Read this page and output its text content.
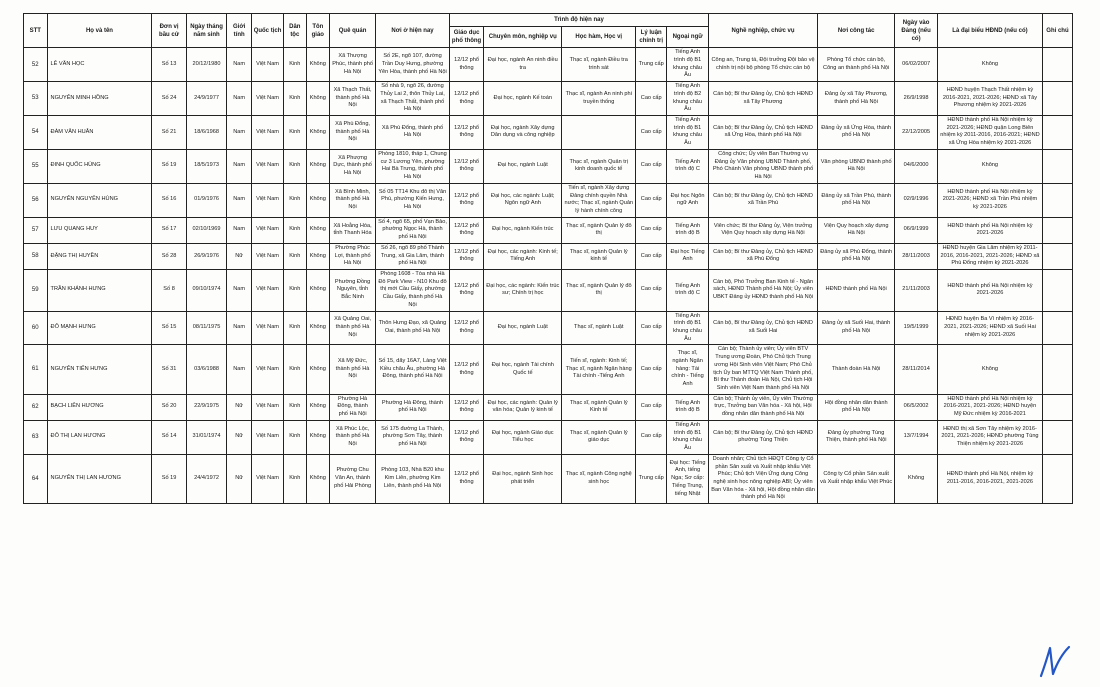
STT	Họ và tên	Đơn vị bầu cử	Ngày tháng năm sinh	Giới tính	Quốc tịch	Dân tộc	Tôn giáo	Quê quán	Nơi ở hiện nay	Trình độ hiện nay					Nghề nghiệp, chức vụ	Nơi công tác	Ngày vào Đảng (nếu có)	Là đại biểu HĐND (nếu có)	Ghi chú
										Giáo dục phổ thông	Chuyên môn, nghiệp vụ	Học hàm, Học vị	Lý luận chính trị	Ngoại ngữ					
52	LÊ VĂN HỌC	Số 13	20/12/1980	Nam	Việt Nam	Kinh	Không	Xã Thượng Phúc, thành phố Hà Nội	Số 2E, ngõ 107, đường Trần Duy Hưng, phường Yên Hòa, thành phố Hà Nội	12/12 phổ thông	Đại học, ngành An ninh điều tra	Thạc sĩ, ngành Điều tra trinh sát	Trung cấp	Tiếng Anh trình độ B1 khung châu Âu	Công an, Trung tá, Đội trưởng Đội bảo vệ chính trị nội bộ phòng Tổ chức cán bộ	Phòng Tổ chức cán bộ, Công an thành phố Hà Nội	06/02/2007	Không	
53	NGUYỄN MINH HỒNG	Số 24	24/9/1977	Nam	Việt Nam	Kinh	Không	Xã Thạch Thất, thành phố Hà Nội	Số nhà 9, ngõ 26, đường Thủy Lai 2, thôn Thủy Lai, xã Thạch Thất, thành phố Hà Nội	12/12 phổ thông	Đại học, ngành Kế toán	Thạc sĩ, ngành An ninh phi truyền thống	Cao cấp	Tiếng Anh trình độ B2 khung châu Âu	Cán bộ; Bí thư Đảng ủy, Chủ tịch HĐND xã Tây Phương	Đảng ủy xã Tây Phương, thành phố Hà Nội	26/9/1998	HĐND huyện Thạch Thất nhiệm kỳ 2016-2021, 2021-2026; HĐND xã Tây Phương nhiệm kỳ 2021-2026	
54	ĐÀM VĂN HUÂN	Số 21	18/6/1968	Nam	Việt Nam	Kinh	Không	Xã Phù Đổng, thành phố Hà Nội	Xã Phù Đổng, thành phố Hà Nội	12/12 phổ thông	Đại học, ngành Xây dựng Dân dụng và công nghiệp		Cao cấp	Tiếng Anh trình độ B1 khung châu Âu	Cán bộ; Bí thư Đảng ủy, Chủ tịch HĐND xã Ứng Hòa, thành phố Hà Nội	Đảng ủy xã Ứng Hòa, thành phố Hà Nội	22/12/2005	HĐND thành phố Hà Nội nhiệm kỳ 2021-2026; HĐND quận Long Biên nhiệm kỳ 2011-2016, 2016-2021; HĐND xã Ứng Hòa nhiệm kỳ 2021-2026	
55	ĐINH QUỐC HÙNG	Số 19	18/5/1973	Nam	Việt Nam	Kinh	Không	Xã Phượng Dực, thành phố Hà Nội	Phòng 1810, tháp 1, Chung cư 3 Lương Yên, phường Hai Bà Trưng, thành phố Hà Nội	12/12 phổ thông	Đại học, ngành Luật	Thạc sĩ, ngành Quản trị kinh doanh quốc tế	Cao cấp	Tiếng Anh trình độ C	Công chức; Ủy viên Ban Thường vụ Đảng ủy Văn phòng UBND Thành phố, Phó Chánh Văn phòng UBND thành phố Hà Nội	Văn phòng UBND thành phố Hà Nội	04/6/2000	Không	
56	NGUYỄN NGUYÊN HÙNG	Số 16	01/9/1976	Nam	Việt Nam	Kinh	Không	Xã Bình Minh, thành phố Hà Nội	Số 05 TT14 Khu đô thị Văn Phú, phường Kiến Hưng, Hà Nội	12/12 phổ thông	Đại học, các ngành: Luật; Ngôn ngữ Anh	Tiến sĩ, ngành Xây dựng Đảng chính quyền Nhà nước; Thạc sĩ, ngành Quản lý hành chính công	Cao cấp	Đại học Ngôn ngữ Anh	Cán bộ; Bí thư Đảng ủy, Chủ tịch HĐND xã Trần Phú	Đảng ủy xã Trần Phú, thành phố Hà Nội	02/9/1996	HĐND thành phố Hà Nội nhiệm kỳ 2021-2026; HĐND xã Trần Phú nhiệm kỳ 2021-2026	
57	LƯU QUANG HUY	Số 17	02/10/1969	Nam	Việt Nam	Kinh	Không	Xã Hoằng Hóa, tỉnh Thanh Hóa	Số 4, ngõ 65, phố Vạn Bảo, phường Ngọc Hà, thành phố Hà Nội	12/12 phổ thông	Đại học, ngành Kiến trúc	Thạc sĩ, ngành Quản lý đô thị	Cao cấp	Tiếng Anh trình độ B	Viên chức; Bí thư Đảng ủy, Viện trưởng Viện Quy hoạch xây dựng Hà Nội	Viện Quy hoạch xây dựng Hà Nội	06/9/1999	HĐND thành phố Hà Nội nhiệm kỳ 2021-2026	
58	ĐẶNG THỊ HUYỀN	Số 28	26/9/1976	Nữ	Việt Nam	Kinh	Không	Phường Phúc Lợi, thành phố Hà Nội	Số 26, ngõ 89 phố Thành Trung, xã Gia Lâm, thành phố Hà Nội	12/12 phổ thông	Đại học, các ngành: Kinh tế; Tiếng Anh	Thạc sĩ, ngành Quản lý kinh tế	Cao cấp	Đại học Tiếng Anh	Cán bộ; Bí thư Đảng ủy, Chủ tịch HĐND xã Phù Đổng	Đảng ủy xã Phù Đổng, thành phố Hà Nội	28/11/2003	HĐND huyện Gia Lâm nhiệm kỳ 2011-2016, 2016-2021, 2021-2026; HĐND xã Phù Đổng nhiệm kỳ 2021-2026	
59	TRẦN KHÁNH HƯNG	Số 8	09/10/1974	Nam	Việt Nam	Kinh	Không	Phường Đồng Nguyên, tỉnh Bắc Ninh	Phòng 1608 - Tòa nhà Hà Đô Park View - N10 Khu đô thị mới Cầu Giấy, phường Cầu Giấy, thành phố Hà Nội	12/12 phổ thông	Đại học, các ngành: Kiến trúc sư; Chính trị học	Thạc sĩ, ngành Quản lý đô thị	Cao cấp	Tiếng Anh trình độ C	Cán bộ, Phó Trưởng Ban Kinh tế - Ngân sách, HĐND Thành phố Hà Nội; Ủy viên UBKT Đảng ủy HĐND thành phố Hà Nội	HĐND thành phố Hà Nội	21/11/2003	HĐND thành phố Hà Nội nhiệm kỳ 2021-2026	
60	ĐỖ MẠNH HƯNG	Số 15	08/11/1975	Nam	Việt Nam	Kinh	Không	Xã Quảng Oai, thành phố Hà Nội	Thôn Hưng Đạo, xã Quảng Oai, thành phố Hà Nội	12/12 phổ thông	Đại học, ngành Luật	Thạc sĩ, ngành Luật	Cao cấp	Tiếng Anh trình độ B1 khung châu Âu	Cán bộ, Bí thư Đảng ủy, Chủ tịch HĐND xã Suối Hai	Đảng ủy xã Suối Hai, thành phố Hà Nội	19/5/1999	HĐND huyện Ba Vì nhiệm kỳ 2016-2021, 2021-2026; HĐND xã Suối Hai nhiệm kỳ 2021-2026	
61	NGUYỄN TIẾN HƯNG	Số 31	03/6/1988	Nam	Việt Nam	Kinh	Không	Xã Mỹ Đức, thành phố Hà Nội	Số 15, dãy 16A7, Làng Việt Kiều châu Âu, phường Hà Đông, thành phố Hà Nội	12/12 phổ thông	Đại học, ngành Tài chính Quốc tế	Tiến sĩ, ngành: Kinh tế; Thạc sĩ, ngành Ngân hàng Tài chính -Tiếng Anh	Cao cấp	Thạc sĩ, ngành Ngân hàng: Tài chính - Tiếng Anh	Cán bộ; Thành ủy viên; Ủy viên BTV Trung ương Đoàn, Phó Chủ tịch Trung ương Hội Sinh viên Việt Nam; Phó Chủ tịch Ủy ban MTTQ Việt Nam Thành phố, Bí thư Thành đoàn Hà Nội, Chủ tịch Hội Sinh viên Việt Nam thành phố Hà Nội	Thành đoàn Hà Nội	28/11/2014	Không	
62	BẠCH LIÊN HƯƠNG	Số 20	22/9/1975	Nữ	Việt Nam	Kinh	Không	Phường Hà Đông, thành phố Hà Nội	Phường Hà Đông, thành phố Hà Nội	12/12 phổ thông	Đại học, các ngành: Quản lý văn hóa; Quản lý kinh tế	Thạc sĩ, ngành Quản lý Kinh tế	Cao cấp	Tiếng Anh trình độ B	Cán bộ; Thành ủy viên, Ủy viên Thường trực, Trưởng ban Văn hóa - Xã hội, Hội đồng nhân dân thành phố Hà Nội	Hội đồng nhân dân thành phố Hà Nội	06/5/2002	HĐND thành phố Hà Nội nhiệm kỳ 2016-2021, 2021-2026; HĐND huyện Mỹ Đức nhiệm kỳ 2016-2021	
63	ĐỖ THỊ LAN HƯƠNG	Số 14	31/01/1974	Nữ	Việt Nam	Kinh	Không	Xã Phúc Lộc, thành phố Hà Nội	Số 175 đường La Thành, phường Sơn Tây, thành phố Hà Nội	12/12 phổ thông	Đại học, ngành Giáo dục Tiểu học	Thạc sĩ, ngành Quản lý giáo dục	Cao cấp	Tiếng Anh trình độ B1 khung châu Âu	Cán bộ; Bí thư Đảng ủy, Chủ tịch HĐND phường Tùng Thiện	Đảng ủy phường Tùng Thiện, thành phố Hà Nội	13/7/1994	HĐND thị xã Sơn Tây nhiệm kỳ 2016-2021, 2021-2026; HĐND phường Tùng Thiện nhiệm kỳ 2021-2026	
64	NGUYỄN THỊ LAN HƯƠNG	Số 19	24/4/1972	Nữ	Việt Nam	Kinh	Không	Phường Chu Văn An, thành phố Hải Phòng	Phòng 103, Nhà B20 khu Kim Liên, phường Kim Liên, thành phố Hà Nội	12/12 phổ thông	Đại học, ngành Sinh học phát triển	Thạc sĩ, ngành Công nghệ sinh học	Trung cấp	Đại học: Tiếng Anh, tiếng Nga; Sơ cấp: Tiếng Trung, tiếng Nhật	Doanh nhân; Chủ tịch HĐQT Công ty Cổ phần Sản xuất và Xuất nhập khẩu Việt Phúc; Chủ tịch Viện Ứng dụng Công nghệ sinh học nông nghiệp ABI; Ủy viên Ban Văn hóa - Xã hội, Hội đồng nhân dân thành phố Hà Nội	Công ty Cổ phần Sản xuất và Xuất nhập khẩu Việt Phúc	Không	HĐND thành phố Hà Nội, nhiệm kỳ 2011-2016, 2016-2021, 2021-2026	
